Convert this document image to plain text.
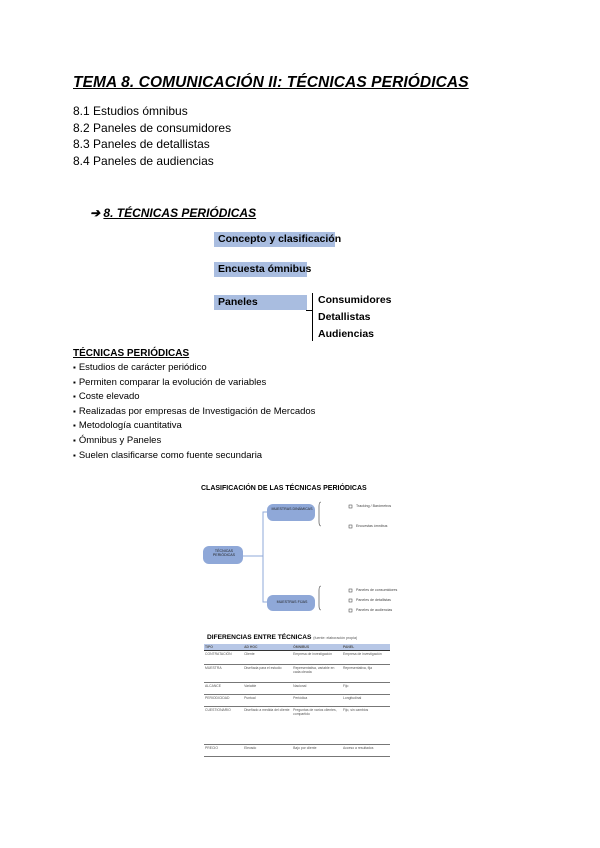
TEMA 8. COMUNICACIÓN II: TÉCNICAS PERIÓDICAS
8.1 Estudios ómnibus
8.2 Paneles de consumidores
8.3 Paneles de detallistas
8.4 Paneles de audiencias
➔ 8. TÉCNICAS PERIÓDICAS
Concepto y clasificación
Encuesta ómnibus
Paneles	Consumidores
Detallistas
Audiencias
TÉCNICAS PERIÓDICAS
▪ Estudios de carácter periódico
▪ Permiten comparar la evolución de variables
▪ Coste elevado
▪ Realizadas por empresas de Investigación de Mercados
▪ Metodología cuantitativa
▪ Ómnibus y Paneles
▪ Suelen clasificarse como fuente secundaria
CLASIFICACIÓN DE LAS TÉCNICAS PERIÓDICAS
TÉCNICAS PERIÓDICAS
MUESTRAS DINÁMICAS
MUESTRAS FIJAS
Tracking / Barómetros
Encuestas ómnibus
Paneles de consumidores
Paneles de detallistas
Paneles de audiencias
DIFERENCIAS ENTRE TÉCNICAS (fuente: elaboración propia)
TIPO	AD HOC	ÓMNIBUS	PANEL
CONTRATACIÓN	Cliente	Empresa de investigación	Empresa de investigación
MUESTRA	Diseñada para el estudio	Representativa, variable en cada oleada	Representativa, fija
ALCANCE	Variable	Nacional	Fijo
PERIODICIDAD	Puntual	Periódica	Longitudinal
CUESTIONARIO	Diseñado a medida del cliente	Preguntas de varios clientes, compartido	Fijo, sin cambios
PRECIO	Elevado	Bajo por cliente	Acceso a resultados
